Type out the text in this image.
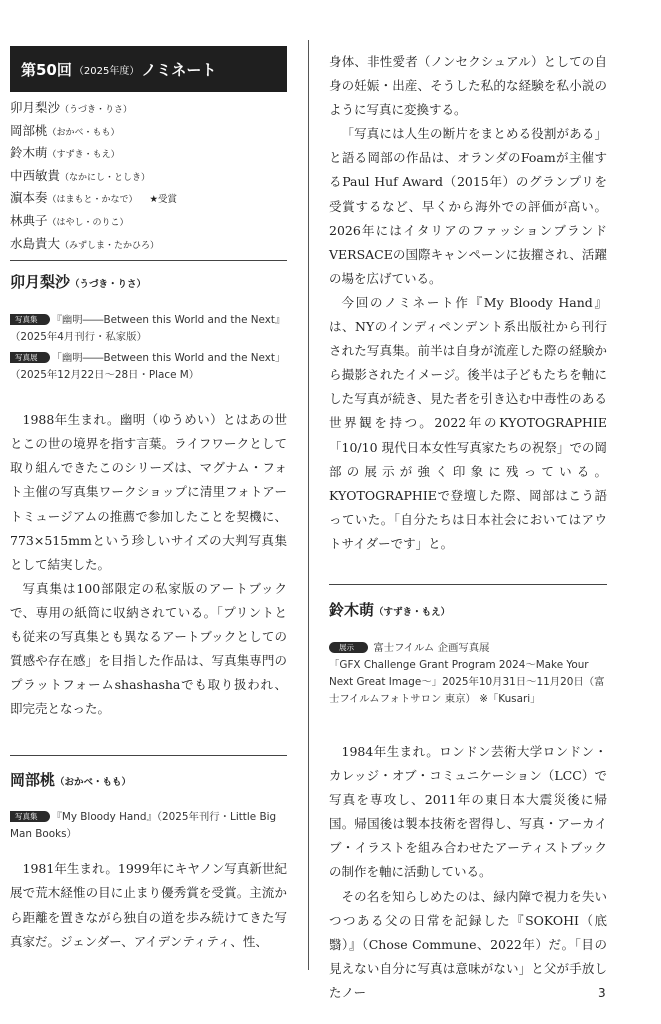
第50回 （2025年度） ノミネート
卯月梨沙（うづき・りさ）
岡部桃（おかべ・もも）
鈴木萌（すずき・もえ）
中西敏貴（なかにし・としき）
濵本奏（はまもと・かなで） ★受賞
林典子（はやし・のりこ）
水島貴大（みずしま・たかひろ）
卯月梨沙（うづき・りさ）
写真集 『幽明――Between this World and the Next』（2025年4月刊行・私家版）
写真展 「幽明――Between this World and the Next」（2025年12月22日～28日・Place M）

1988年生まれ。幽明（ゆうめい）とはあの世とこの世の境界を指す言葉。ライフワークとして取り組んできたこのシリーズは、マグナム・フォト主催の写真集ワークショップに清里フォトアートミュージアムの推薦で参加したことを契機に、773×515mmという珍しいサイズの大判写真集として結実した。

写真集は100部限定の私家版のアートブックで、専用の紙筒に収納されている。「プリントとも従来の写真集とも異なるアートブックとしての質感や存在感」を目指した作品は、写真集専門のプラットフォームshashashaでも取り扱われ、即完売となった。

岡部桃（おかべ・もも）
写真集 『My Bloody Hand』（2025年刊行・Little Big Man Books）

1981年生まれ。1999年にキヤノン写真新世紀展で荒木経惟の目に止まり優秀賞を受賞。主流から距離を置きながら独自の道を歩み続けてきた写真家だ。ジェンダー、アイデンティティ、性、

身体、非性愛者（ノンセクシュアル）としての自身の妊娠・出産、そうした私的な経験を私小説のように写真に変換する。

「写真には人生の断片をまとめる役割がある」と語る岡部の作品は、オランダのFoamが主催するPaul Huf Award（2015年）のグランプリを受賞するなど、早くから海外での評価が高い。2026年にはイタリアのファッションブランドVERSACEの国際キャンペーンに抜擢され、活躍の場を広げている。

今回のノミネート作『My Bloody Hand』は、NYのインディペンデント系出版社から刊行された写真集。前半は自身が流産した際の経験から撮影されたイメージ。後半は子どもたちを軸にした写真が続き、見た者を引き込む中毒性のある世界観を持つ。2022年のKYOTOGRAPHIE「10/10 現代日本女性写真家たちの祝祭」での岡部の展示が強く印象に残っている。KYOTOGRAPHIEで登壇した際、岡部はこう語っていた。「自分たちは日本社会においてはアウトサイダーです」と。

鈴木萌（すずき・もえ）
展示 富士フイルム 企画写真展
「GFX Challenge Grant Program 2024～Make Your Next Great Image～」2025年10月31日～11月20日（富士フイルムフォトサロン 東京） ※「Kusari」

1984年生まれ。ロンドン芸術大学ロンドン・カレッジ・オブ・コミュニケーション（LCC）で写真を専攻し、2011年の東日本大震災後に帰国。帰国後は製本技術を習得し、写真・アーカイブ・イラストを組み合わせたアーティストブックの制作を軸に活動している。

その名を知らしめたのは、緑内障で視力を失いつつある父の日常を記録した『SOKOHI（底翳）』（Chose Commune、2022年）だ。「目の見えない自分に写真は意味がない」と父が手放したノー	3
